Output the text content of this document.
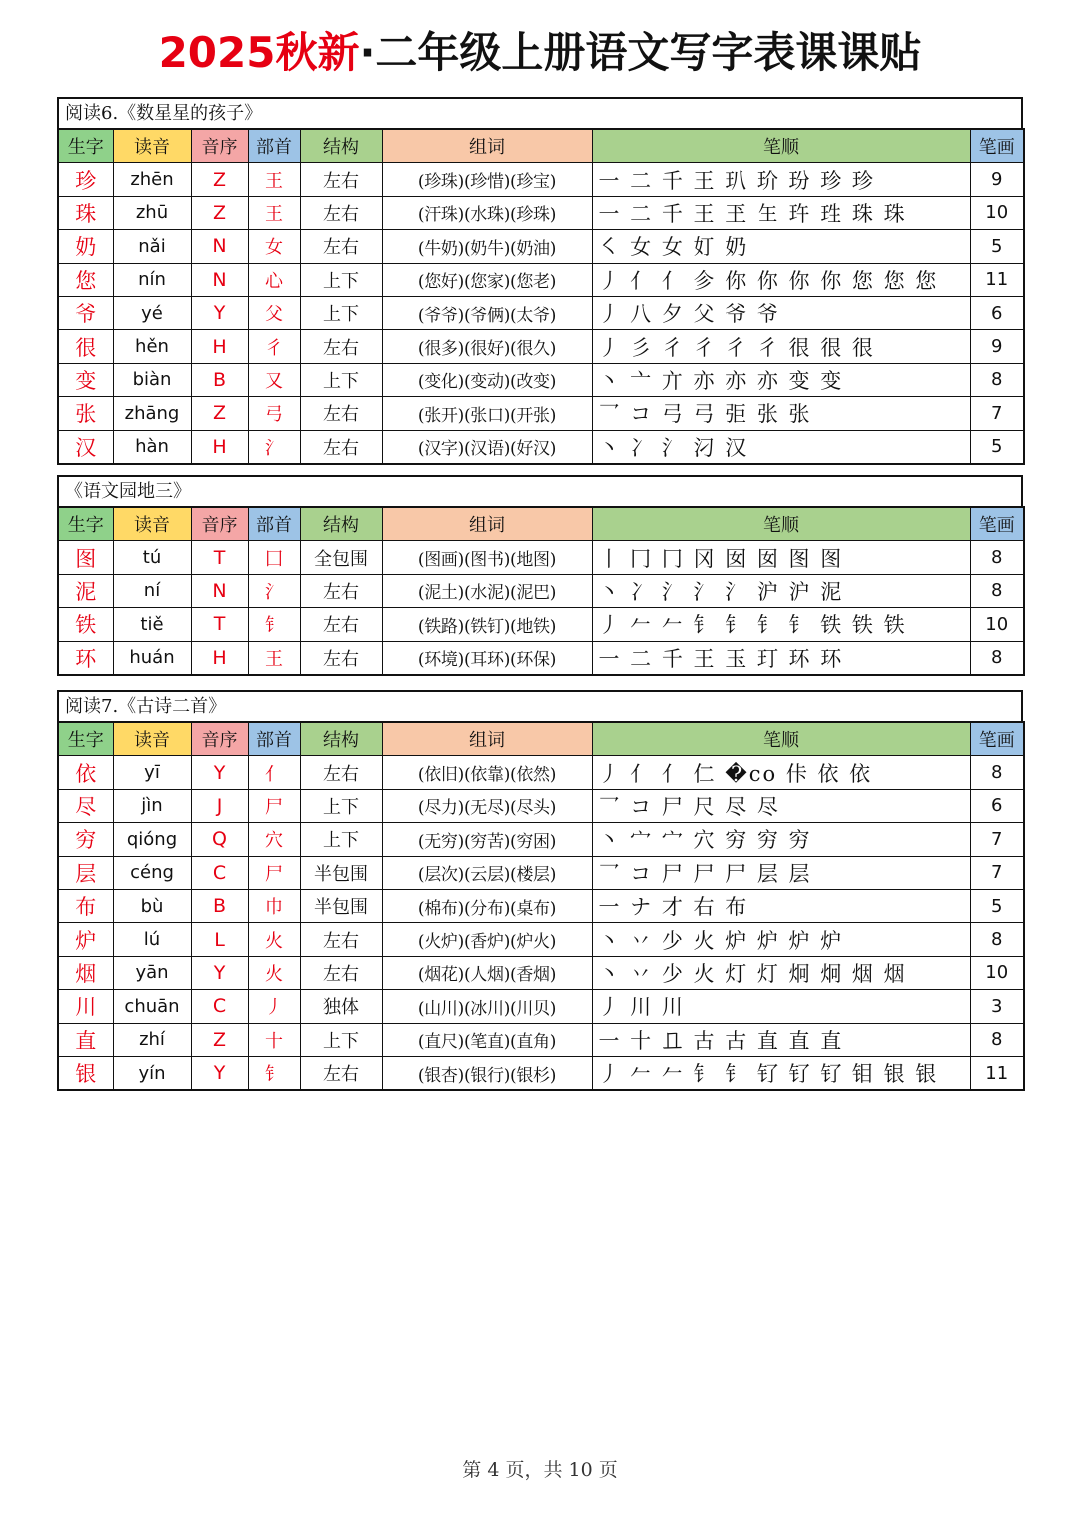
2025秋新·二年级上册语文写字表课课贴
阅读6.《数星星的孩子》
生字	读音	音序	部首	结构	组词	笔顺	笔画
珍	zhēn	Z	王	左右	(珍珠)(珍惜)(珍宝)	一 二 千 王 玐 玠 玢 珍 珍	9
珠	zhū	Z	王	左右	(汗珠)(水珠)(珍珠)	一 二 千 王 玊 玍 玝 珄 珠 珠	10
奶	nǎi	N	女	左右	(牛奶)(奶牛)(奶油)	㇛ 女 女 奵 奶	5
您	nín	N	心	上下	(您好)(您家)(您老)	丿 亻 亻 㐱 你 你 你 你 您 您 您	11
爷	yé	Y	父	上下	(爷爷)(爷俩)(太爷)	丿 八 夕 父 爷 爷	6
很	hěn	H	彳	左右	(很多)(很好)(很久)	丿 彡 彳 彳 彳 彳 很 很 很	9
变	biàn	B	又	上下	(变化)(变动)(改变)	丶 亠 亣 亦 亦 亦 变 变	8
张	zhāng	Z	弓	左右	(张开)(张口)(开张)	乛 コ 弓 弓 弡 张 张	7
汉	hàn	H	氵	左右	(汉字)(汉语)(好汉)	丶 冫 氵 汈 汉	5
《语文园地三》
生字	读音	音序	部首	结构	组词	笔顺	笔画
图	tú	T	囗	全包围	(图画)(图书)(地图)	丨 冂 冂 冈 囡 囡 图 图	8
泥	ní	N	氵	左右	(泥土)(水泥)(泥巴)	丶 冫 氵 氵 氵 沪 沪 泥	8
铁	tiě	T	钅	左右	(铁路)(铁钉)(地铁)	丿 𠂉 𠂉 钅 钅 钅 钅 铁 铁 铁	10
环	huán	H	王	左右	(环境)(耳环)(环保)	一 二 千 王 玉 玎 环 环	8
阅读7.《古诗二首》
生字	读音	音序	部首	结构	组词	笔顺	笔画
依	yī	Y	亻	左右	(依旧)(依靠)(依然)	丿 亻 亻 仁 �co 佧 依 依	8
尽	jìn	J	尸	上下	(尽力)(无尽)(尽头)	乛 コ 尸 尺 尽 尽	6
穷	qióng	Q	穴	上下	(无穷)(穷苦)(穷困)	丶 宀 宀 穴 穷 穷 穷	7
层	céng	C	尸	半包围	(层次)(云层)(楼层)	乛 コ 尸 尸 尸 层 层	7
布	bù	B	巾	半包围	(棉布)(分布)(桌布)	一 ナ 才 右 布	5
炉	lú	L	火	左右	(火炉)(香炉)(炉火)	丶 丷 少 火 炉 炉 炉 炉	8
烟	yān	Y	火	左右	(烟花)(人烟)(香烟)	丶 丷 少 火 灯 灯 炯 炯 烟 烟	10
川	chuān	C	丿	独体	(山川)(冰川)(川贝)	丿 川 川	3
直	zhí	Z	十	上下	(直尺)(笔直)(直角)	一 十 𠀃 古 古 直 直 直	8
银	yín	Y	钅	左右	(银杏)(银行)(银杉)	丿 𠂉 𠂉 钅 钅 钌 钌 钌 钼 银 银	11
第 4 页，共 10 页
